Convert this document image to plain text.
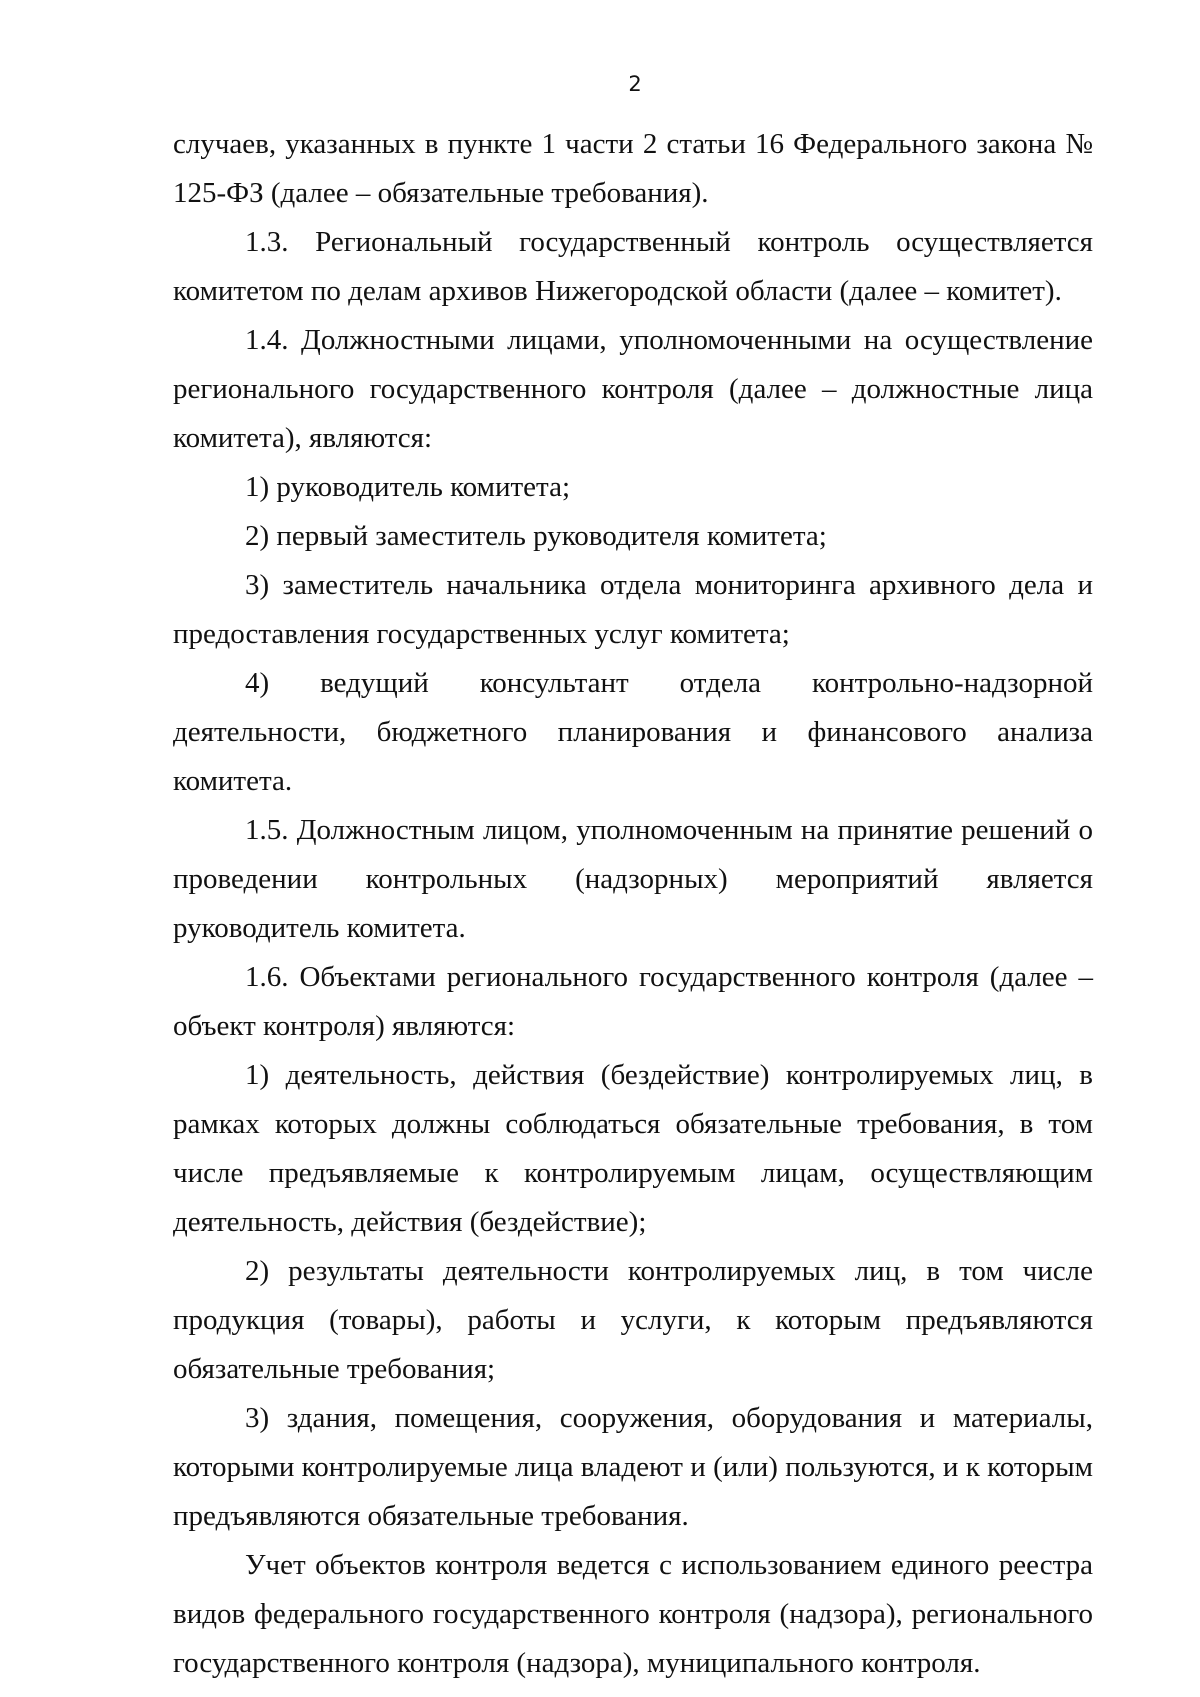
2

случаев, указанных в пункте 1 части 2 статьи 16 Федерального закона № 125-ФЗ (далее – обязательные требования).

1.3. Региональный государственный контроль осуществляется комитетом по делам архивов Нижегородской области (далее – комитет).

1.4. Должностными лицами, уполномоченными на осуществление регионального государственного контроля (далее – должностные лица комитета), являются:

1) руководитель комитета;

2) первый заместитель руководителя комитета;

3) заместитель начальника отдела мониторинга архивного дела и предоставления государственных услуг комитета;

4) ведущий консультант отдела контрольно-надзорной деятельности, бюджетного планирования и финансового анализа комитета.

1.5. Должностным лицом, уполномоченным на принятие решений о проведении контрольных (надзорных) мероприятий является руководитель комитета.

1.6. Объектами регионального государственного контроля (далее – объект контроля) являются:

1) деятельность, действия (бездействие) контролируемых лиц, в рамках которых должны соблюдаться обязательные требования, в том числе предъявляемые к контролируемым лицам, осуществляющим деятельность, действия (бездействие);

2) результаты деятельности контролируемых лиц, в том числе продукция (товары), работы и услуги, к которым предъявляются обязательные требования;

3) здания, помещения, сооружения, оборудования и материалы, которыми контролируемые лица владеют и (или) пользуются, и к которым предъявляются обязательные требования.

Учет объектов контроля ведется с использованием единого реестра видов федерального государственного контроля (надзора), регионального государственного контроля (надзора), муниципального контроля.
